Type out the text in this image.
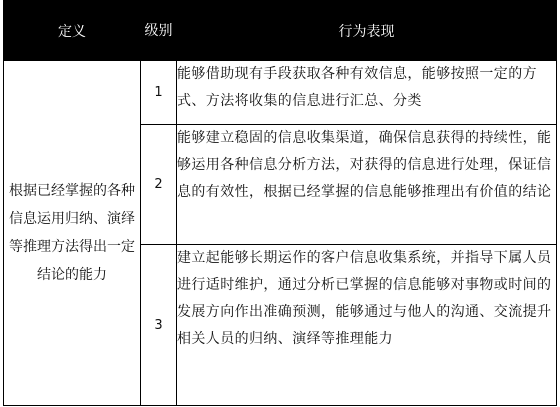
定义	级别	行为表现
根据已经掌握的各种信息运用归纳、演绎等推理方法得出一定结论的能力	1	能够借助现有手段获取各种有效信息，能够按照一定的方式、方法将收集的信息进行汇总、分类
	2	能够建立稳固的信息收集渠道，确保信息获得的持续性，能够运用各种信息分析方法，对获得的信息进行处理，保证信息的有效性，根据已经掌握的信息能够推理出有价值的结论
	3	建立起能够长期运作的客户信息收集系统，并指导下属人员进行适时维护，通过分析已掌握的信息能够对事物或时间的发展方向作出准确预测，能够通过与他人的沟通、交流提升相关人员的归纳、演绎等推理能力
